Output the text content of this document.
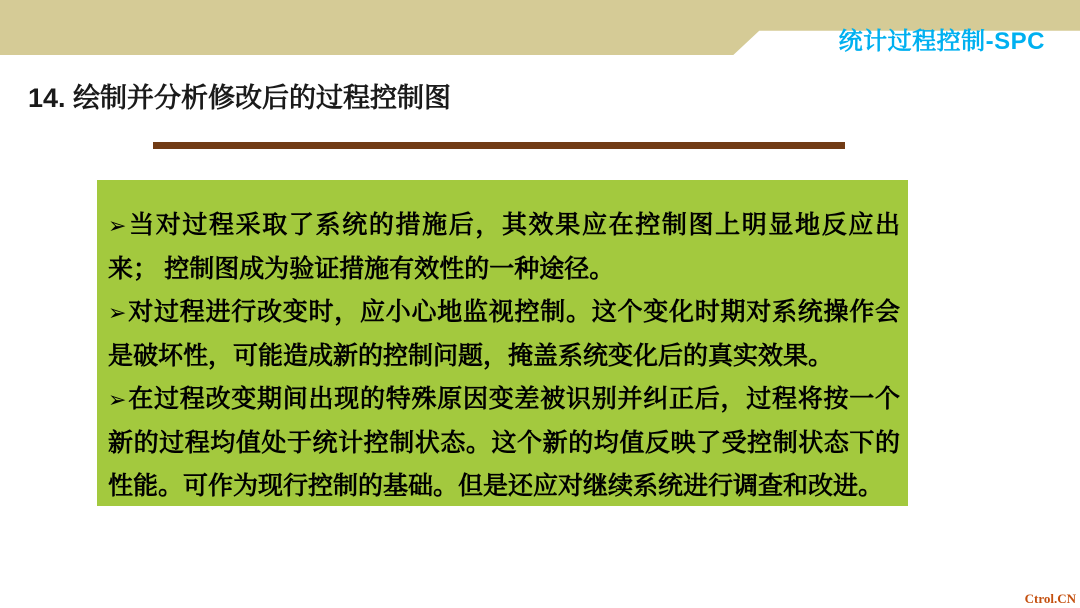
统计过程控制-SPC
14. 绘制并分析修改后的过程控制图

➢当对过程采取了系统的措施后，其效果应在控制图上明显地反应出来； 控制图成为验证措施有效性的一种途径。

➢对过程进行改变时，应小心地监视控制。这个变化时期对系统操作会是破坏性，可能造成新的控制问题，掩盖系统变化后的真实效果。

➢在过程改变期间出现的特殊原因变差被识别并纠正后，过程将按一个新的过程均值处于统计控制状态。这个新的均值反映了受控制状态下的性能。可作为现行控制的基础。但是还应对继续系统进行调查和改进。

Ctrol.CN
